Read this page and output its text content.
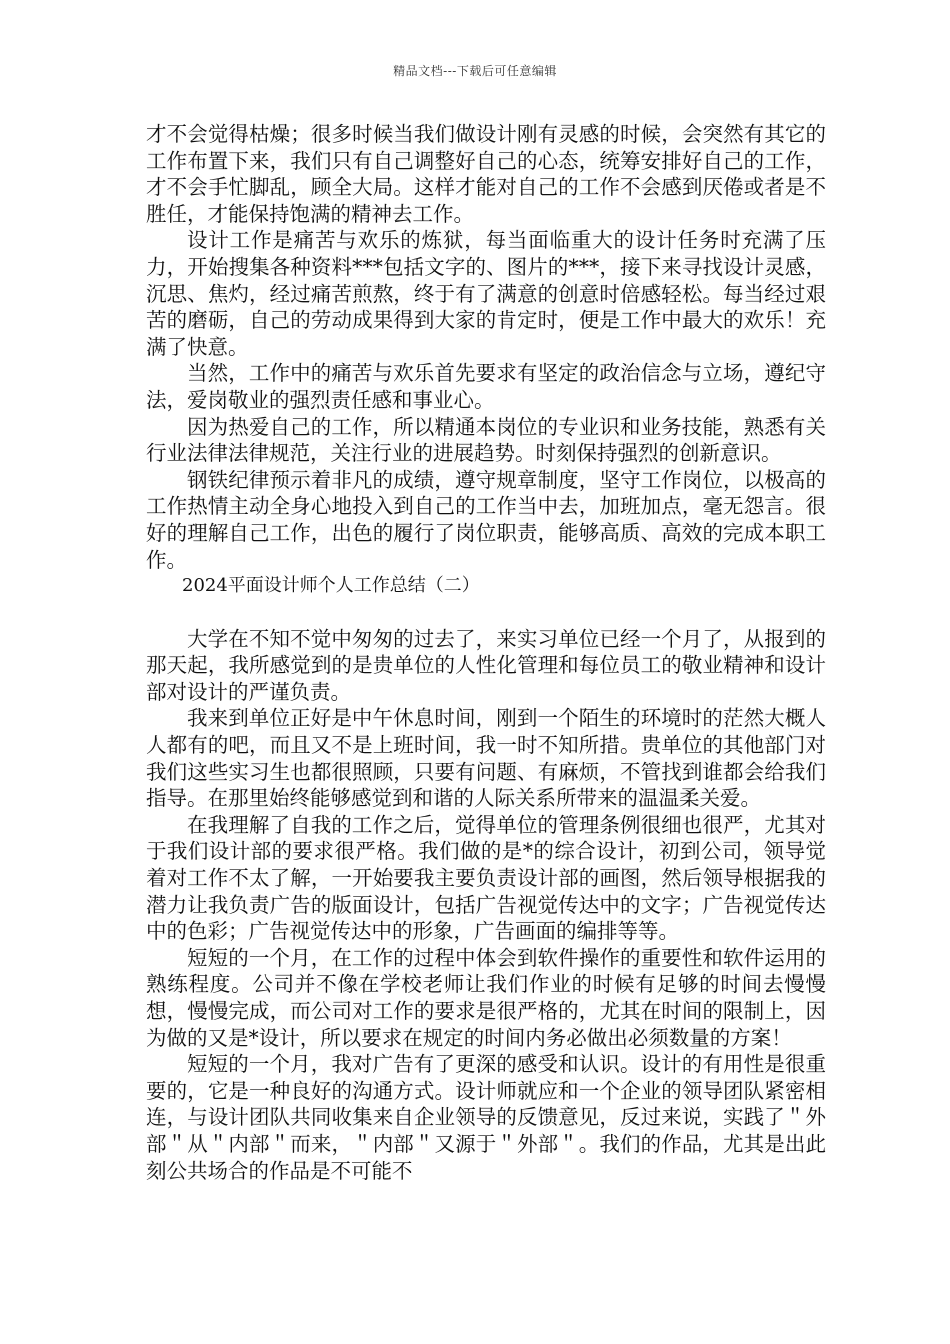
精品文档---下载后可任意编辑

才不会觉得枯燥；很多时候当我们做设计刚有灵感的时候，会突然有其它的工作布置下来，我们只有自己调整好自己的心态，统筹安排好自己的工作，才不会手忙脚乱，顾全大局。这样才能对自己的工作不会感到厌倦或者是不胜任，才能保持饱满的精神去工作。

设计工作是痛苦与欢乐的炼狱，每当面临重大的设计任务时充满了压力，开始搜集各种资料***包括文字的、图片的***，接下来寻找设计灵感，沉思、焦灼，经过痛苦煎熬，终于有了满意的创意时倍感轻松。每当经过艰苦的磨砺，自己的劳动成果得到大家的肯定时，便是工作中最大的欢乐！充满了快意。

当然，工作中的痛苦与欢乐首先要求有坚定的政治信念与立场，遵纪守法，爱岗敬业的强烈责任感和事业心。

因为热爱自己的工作，所以精通本岗位的专业识和业务技能，熟悉有关行业法律法律规范，关注行业的进展趋势。时刻保持强烈的创新意识。

钢铁纪律预示着非凡的成绩，遵守规章制度，坚守工作岗位，以极高的工作热情主动全身心地投入到自己的工作当中去，加班加点，毫无怨言。很好的理解自己工作，出色的履行了岗位职责，能够高质、高效的完成本职工作。

2024平面设计师个人工作总结（二）

大学在不知不觉中匆匆的过去了，来实习单位已经一个月了，从报到的那天起，我所感觉到的是贵单位的人性化管理和每位员工的敬业精神和设计部对设计的严谨负责。

我来到单位正好是中午休息时间，刚到一个陌生的环境时的茫然大概人人都有的吧，而且又不是上班时间，我一时不知所措。贵单位的其他部门对我们这些实习生也都很照顾，只要有问题、有麻烦，不管找到谁都会给我们指导。在那里始终能够感觉到和谐的人际关系所带来的温温柔关爱。

在我理解了自我的工作之后，觉得单位的管理条例很细也很严，尤其对于我们设计部的要求很严格。我们做的是*的综合设计，初到公司，领导觉着对工作不太了解，一开始要我主要负责设计部的画图，然后领导根据我的潜力让我负责广告的版面设计，包括广告视觉传达中的文字；广告视觉传达中的色彩；广告视觉传达中的形象，广告画面的编排等等。

短短的一个月，在工作的过程中体会到软件操作的重要性和软件运用的熟练程度。公司并不像在学校老师让我们作业的时候有足够的时间去慢慢想，慢慢完成，而公司对工作的要求是很严格的，尤其在时间的限制上，因为做的又是*设计，所以要求在规定的时间内务必做出必须数量的方案！

短短的一个月，我对广告有了更深的感受和认识。设计的有用性是很重要的，它是一种良好的沟通方式。设计师就应和一个企业的领导团队紧密相连，与设计团队共同收集来自企业领导的反馈意见，反过来说，实践了＂外部＂从＂内部＂而来，＂内部＂又源于＂外部＂。我们的作品，尤其是出此刻公共场合的作品是不可能不
